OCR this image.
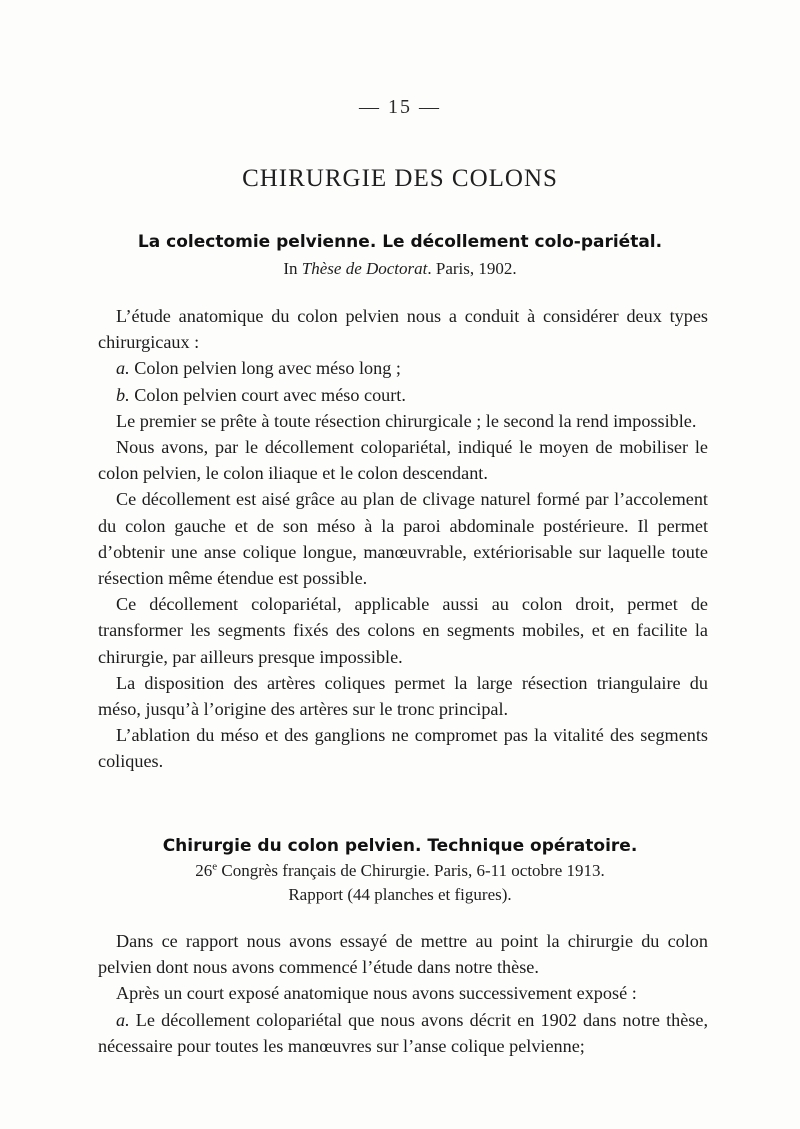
— 15 —
CHIRURGIE DES COLONS
La colectomie pelvienne. Le décollement colo-pariétal.
In Thèse de Doctorat. Paris, 1902.

L’étude anatomique du colon pelvien nous a conduit à considérer deux types chirurgicaux :

a. Colon pelvien long avec méso long ;

b. Colon pelvien court avec méso court.

Le premier se prête à toute résection chirurgicale ; le second la rend impossible.

Nous avons, par le décollement colopariétal, indiqué le moyen de mobiliser le colon pelvien, le colon iliaque et le colon descendant.

Ce décollement est aisé grâce au plan de clivage naturel formé par l’accolement du colon gauche et de son méso à la paroi abdominale postérieure. Il permet d’obtenir une anse colique longue, manœuvrable, extériorisable sur laquelle toute résection même étendue est possible.

Ce décollement colopariétal, applicable aussi au colon droit, permet de transformer les segments fixés des colons en segments mobiles, et en facilite la chirurgie, par ailleurs presque impossible.

La disposition des artères coliques permet la large résection triangulaire du méso, jusqu’à l’origine des artères sur le tronc principal.

L’ablation du méso et des ganglions ne compromet pas la vitalité des segments coliques.

Chirurgie du colon pelvien. Technique opératoire.
26e Congrès français de Chirurgie. Paris, 6-11 octobre 1913.
Rapport (44 planches et figures).

Dans ce rapport nous avons essayé de mettre au point la chirurgie du colon pelvien dont nous avons commencé l’étude dans notre thèse.

Après un court exposé anatomique nous avons successivement exposé :

a. Le décollement colopariétal que nous avons décrit en 1902 dans notre thèse, nécessaire pour toutes les manœuvres sur l’anse colique pelvienne;
